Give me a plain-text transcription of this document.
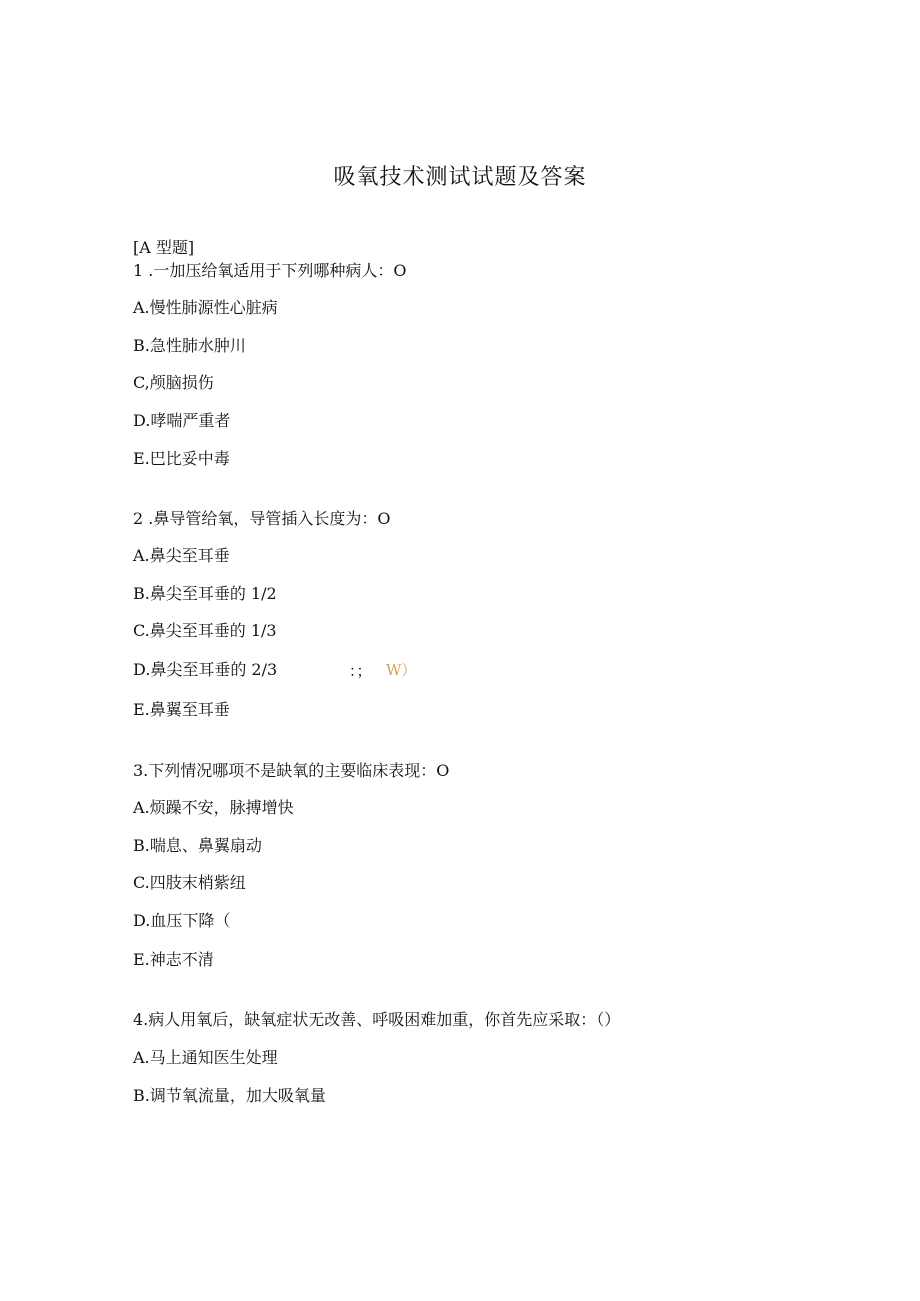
吸氧技术测试试题及答案
[A 型题]
1 .一加压给氧适用于下列哪种病人：O
A.慢性肺源性心脏病
B.急性肺水肿川
C,颅脑损伤
D.哮喘严重者
E.巴比妥中毒
2 .鼻导管给氧，导管插入长度为：O
A.鼻尖至耳垂
B.鼻尖至耳垂的 1/2
C.鼻尖至耳垂的 1/3
D.鼻尖至耳垂的 2/3	：； W）
E.鼻翼至耳垂
3.下列情况哪项不是缺氧的主要临床表现：O
A.烦躁不安，脉搏增快
B.喘息、鼻翼扇动
C.四肢末梢紫纽
D.血压下降（
E.神志不清
4.病人用氧后，缺氧症状无改善、呼吸困难加重，你首先应采取：（）
A.马上通知医生处理
B.调节氧流量，加大吸氧量
